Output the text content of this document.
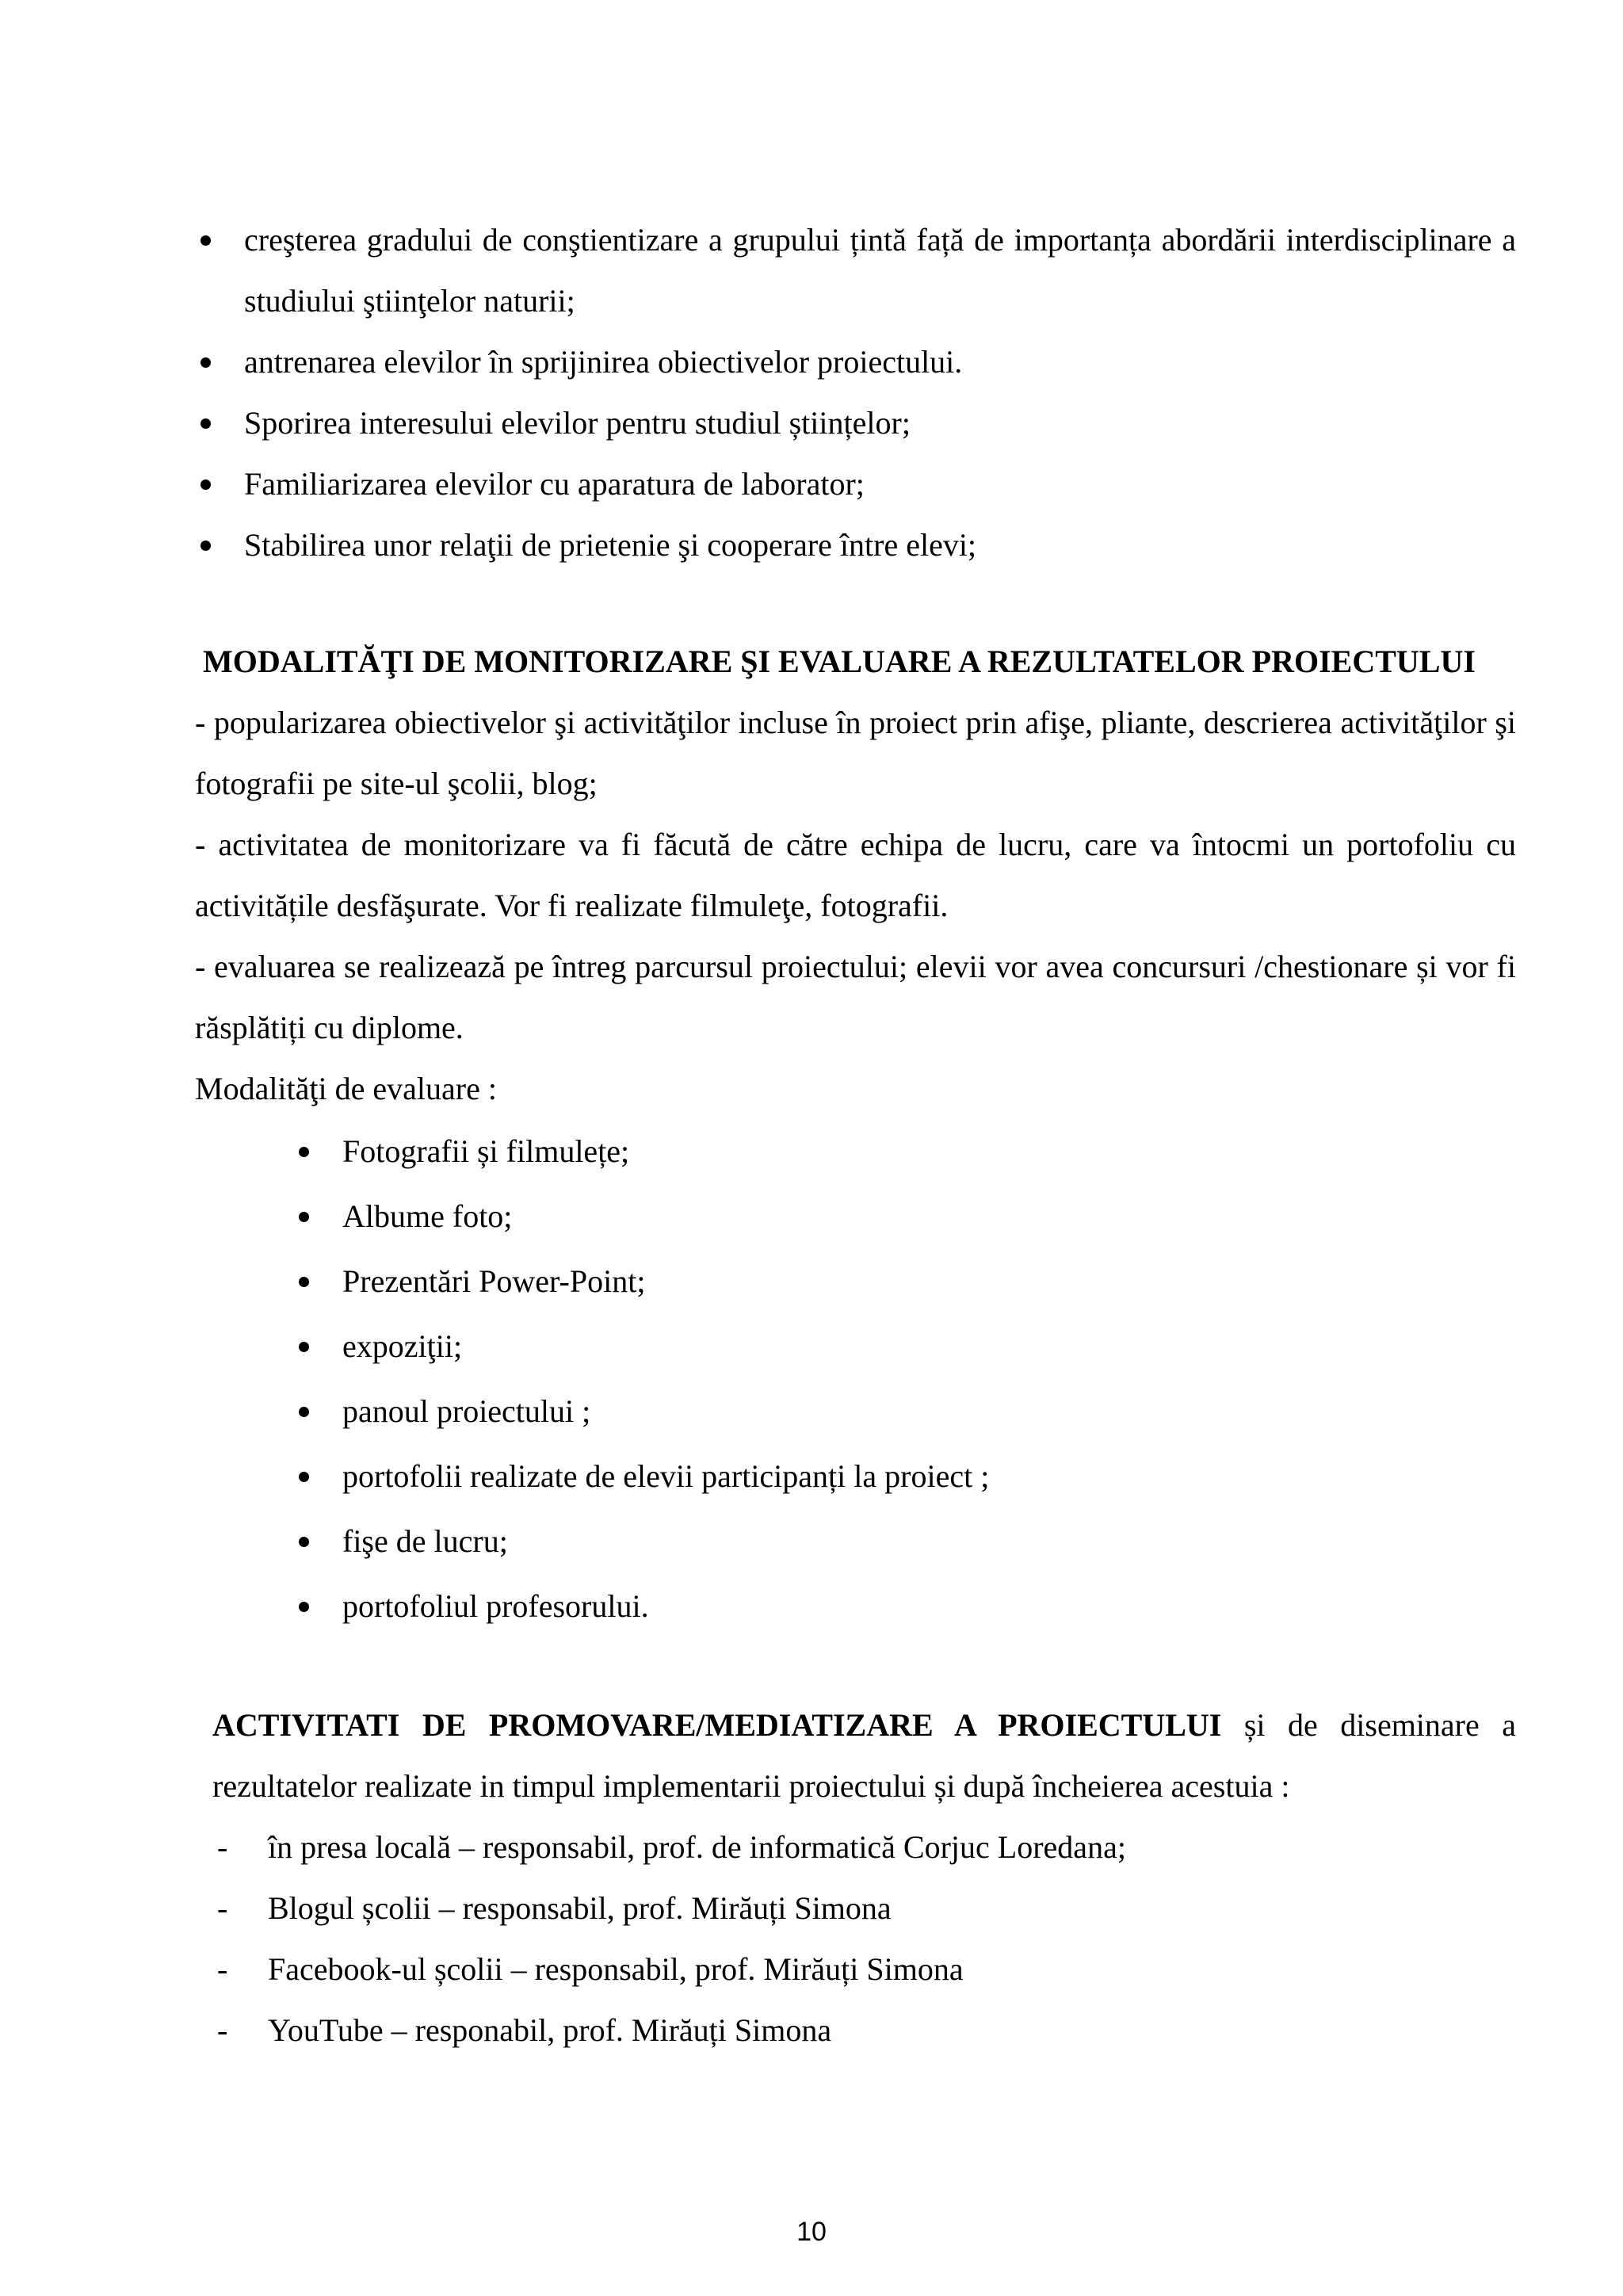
creşterea gradului de conştientizare a grupului țintă față de importanța abordării interdisciplinare a studiului ştiinţelor naturii;
antrenarea elevilor în sprijinirea obiectivelor proiectului.
Sporirea interesului elevilor pentru studiul științelor;
Familiarizarea elevilor cu aparatura de laborator;
Stabilirea unor relaţii de prietenie şi cooperare între elevi;
MODALITĂŢI DE MONITORIZARE ŞI EVALUARE A REZULTATELOR PROIECTULUI
- popularizarea obiectivelor şi activităţilor incluse în proiect prin afişe, pliante, descrierea activităţilor şi fotografii pe site-ul şcolii, blog;
- activitatea de monitorizare va fi făcută de către echipa de lucru, care va întocmi un portofoliu cu activitățile desfăşurate. Vor fi realizate filmuleţe, fotografii.
- evaluarea se realizează pe întreg parcursul proiectului; elevii vor avea concursuri /chestionare și vor fi răsplătiți cu diplome.
Modalităţi de evaluare :
Fotografii și filmulețe;
Albume foto;
Prezentări Power-Point;
expoziţii;
panoul proiectului ;
portofolii realizate de elevii participanți la proiect ;
fişe de lucru;
portofoliul profesorului.
ACTIVITATI DE PROMOVARE/MEDIATIZARE A PROIECTULUI și de diseminare a rezultatelor realizate in timpul implementarii proiectului și după încheierea acestuia :
- în presa locală – responsabil, prof. de informatică Corjuc Loredana;
- Blogul școlii – responsabil, prof. Mirăuți Simona
- Facebook-ul școlii – responsabil, prof. Mirăuți Simona
- YouTube – responabil, prof. Mirăuți Simona
10
